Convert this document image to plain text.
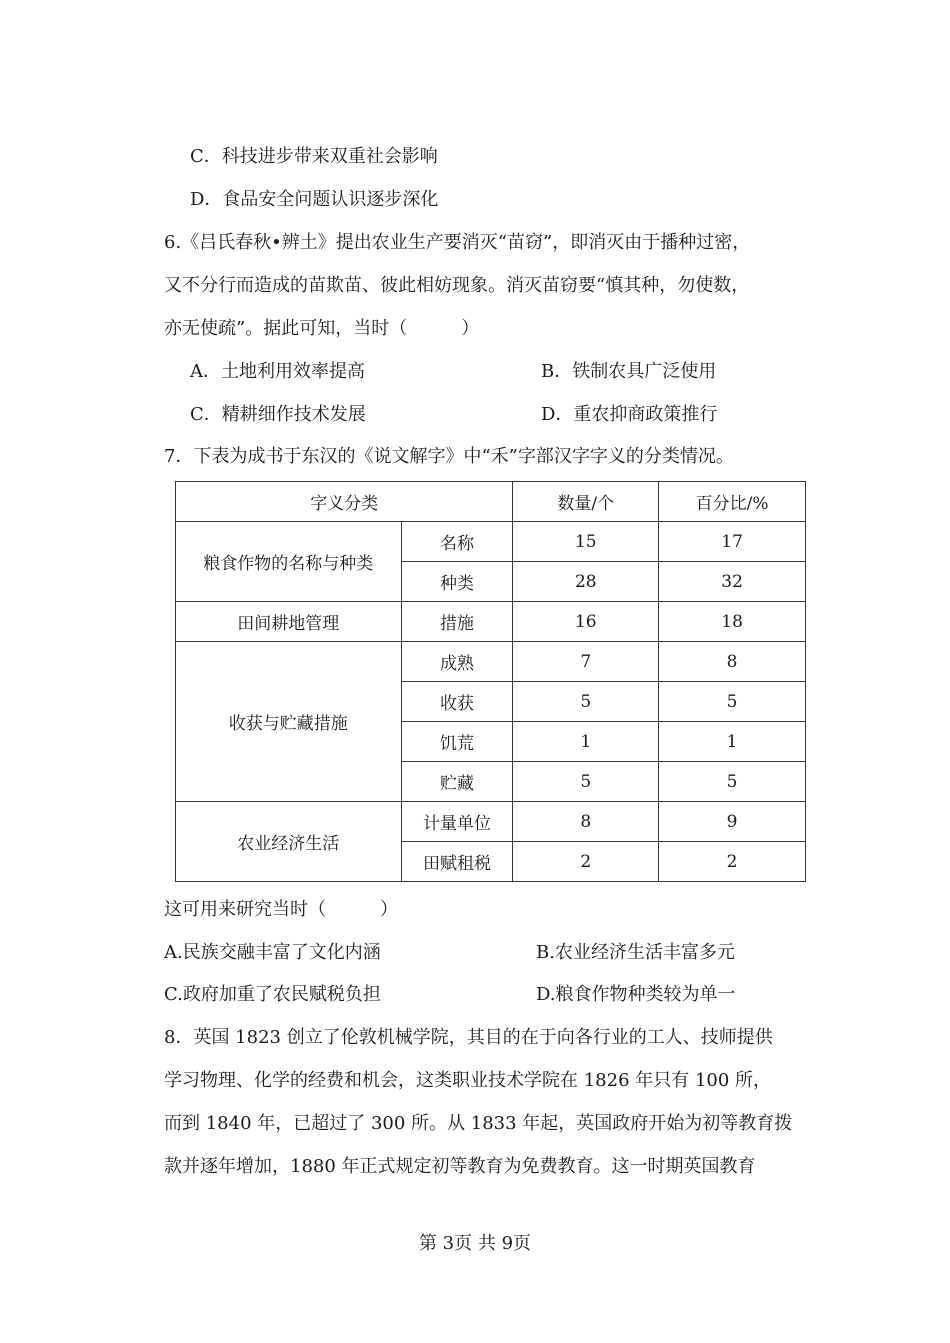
C．科技进步带来双重社会影响
D．食品安全问题认识逐步深化
6.《吕氏春秋•辨土》提出农业生产要消灭“苗窃”，即消灭由于播种过密，
又不分行而造成的苗欺苗、彼此相妨现象。消灭苗窃要“慎其种，勿使数，
亦无使疏”。据此可知，当时（　　　）
A．土地利用效率提高	B．铁制农具广泛使用
C．精耕细作技术发展	D．重农抑商政策推行
7．下表为成书于东汉的《说文解字》中“禾”字部汉字字义的分类情况。
字义分类		数量/个	百分比/%
粮食作物的名称与种类	名称	15	17
	种类	28	32
田间耕地管理	措施	16	18
收获与贮藏措施	成熟	7	8
	收获	5	5
	饥荒	1	1
	贮藏	5	5
农业经济生活	计量单位	8	9
	田赋租税	2	2
这可用来研究当时（　　　）
A.民族交融丰富了文化内涵	B.农业经济生活丰富多元
C.政府加重了农民赋税负担	D.粮食作物种类较为单一
8．英国 1823 创立了伦敦机械学院，其目的在于向各行业的工人、技师提供
学习物理、化学的经费和机会，这类职业技术学院在 1826 年只有 100 所，
而到 1840 年，已超过了 300 所。从 1833 年起，英国政府开始为初等教育拨
款并逐年增加，1880 年正式规定初等教育为免费教育。这一时期英国教育
第 3页 共 9页
